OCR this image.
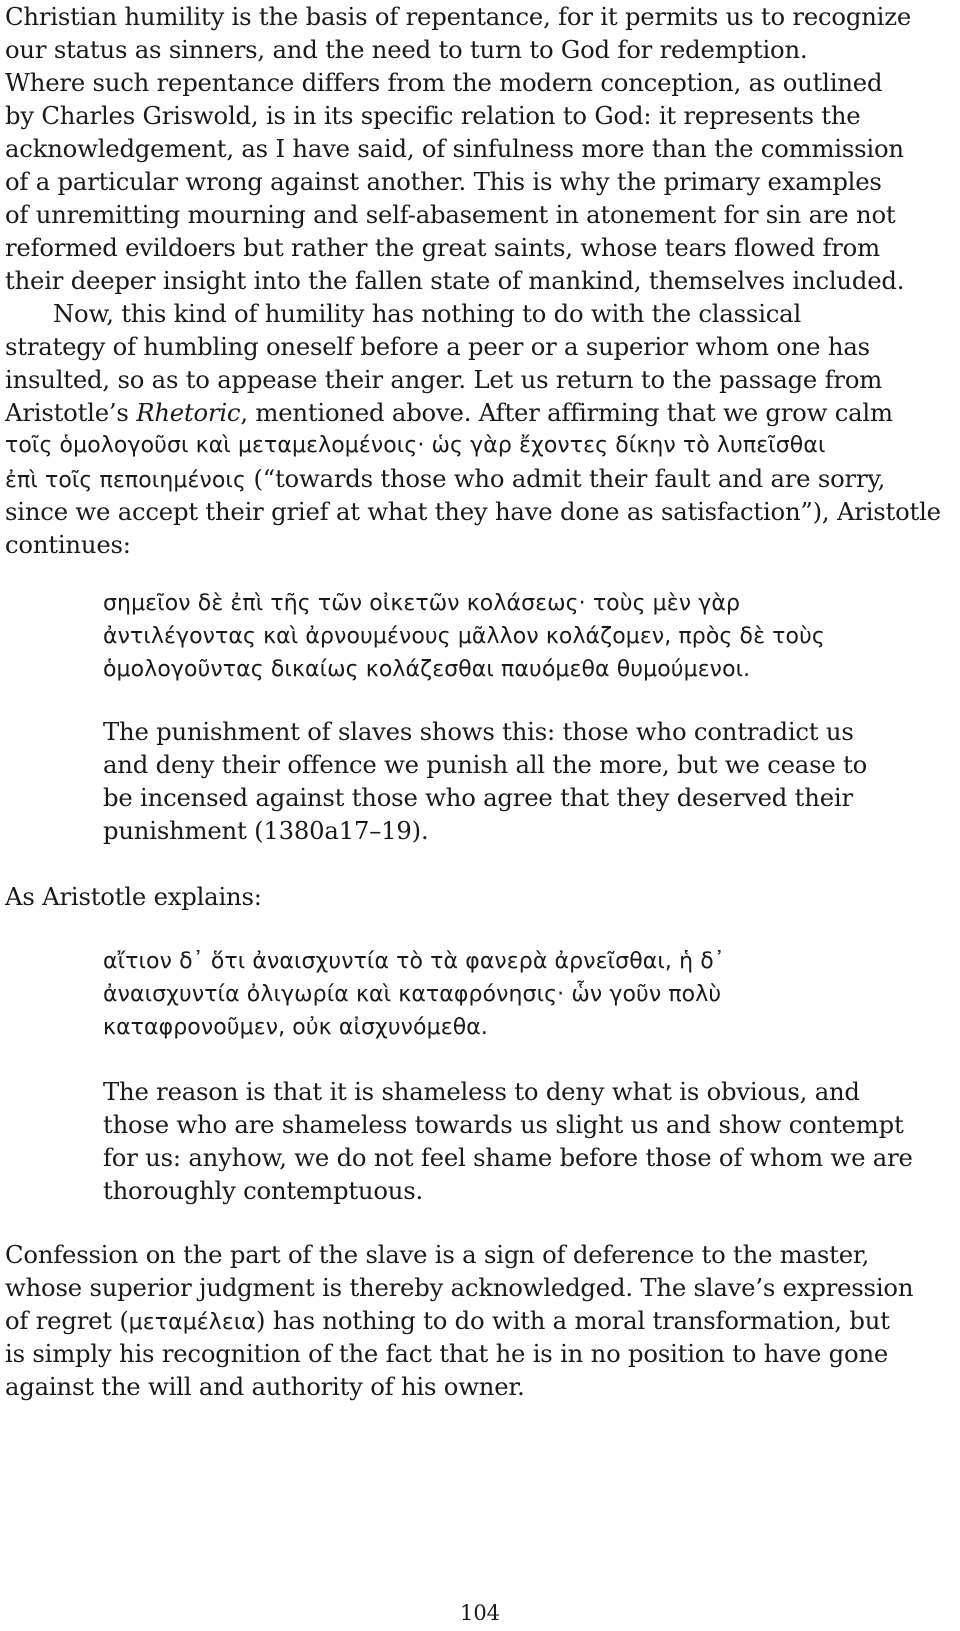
Christian humility is the basis of repentance, for it permits us to recognize
our status as sinners, and the need to turn to God for redemption.
Where such repentance differs from the modern conception, as outlined
by Charles Griswold, is in its specific relation to God: it represents the
acknowledgement, as I have said, of sinfulness more than the commission
of a particular wrong against another. This is why the primary examples
of unremitting mourning and self-abasement in atonement for sin are not
reformed evildoers but rather the great saints, whose tears flowed from
their deeper insight into the fallen state of mankind, themselves included.
Now, this kind of humility has nothing to do with the classical
strategy of humbling oneself before a peer or a superior whom one has
insulted, so as to appease their anger. Let us return to the passage from
Aristotle’s Rhetoric, mentioned above. After affirming that we grow calm
τοῖς ὁμολογοῦσι καὶ μεταμελομένοις· ὡς γὰρ ἔχοντες δίκην τὸ λυπεῖσθαι
ἐπὶ τοῖς πεποιημένοις (“towards those who admit their fault and are sorry,
since we accept their grief at what they have done as satisfaction”), Aristotle
continues:
σημεῖον δὲ ἐπὶ τῆς τῶν οἰκετῶν κολάσεως· τοὺς μὲν γὰρ
ἀντιλέγοντας καὶ ἀρνουμένους μᾶλλον κολάζομεν, πρὸς δὲ τοὺς
ὁμολογοῦντας δικαίως κολάζεσθαι παυόμεθα θυμούμενοι.
The punishment of slaves shows this: those who contradict us
and deny their offence we punish all the more, but we cease to
be incensed against those who agree that they deserved their
punishment (1380a17–19).
As Aristotle explains:
αἴτιον δ᾽ ὅτι ἀναισχυντία τὸ τὰ φανερὰ ἀρνεῖσθαι, ἡ δ᾽
ἀναισχυντία ὀλιγωρία καὶ καταφρόνησις· ὧν γοῦν πολὺ
καταφρονοῦμεν, οὐκ αἰσχυνόμεθα.
The reason is that it is shameless to deny what is obvious, and
those who are shameless towards us slight us and show contempt
for us: anyhow, we do not feel shame before those of whom we are
thoroughly contemptuous.
Confession on the part of the slave is a sign of deference to the master,
whose superior judgment is thereby acknowledged. The slave’s expression
of regret (μεταμέλεια) has nothing to do with a moral transformation, but
is simply his recognition of the fact that he is in no position to have gone
against the will and authority of his owner.
104
